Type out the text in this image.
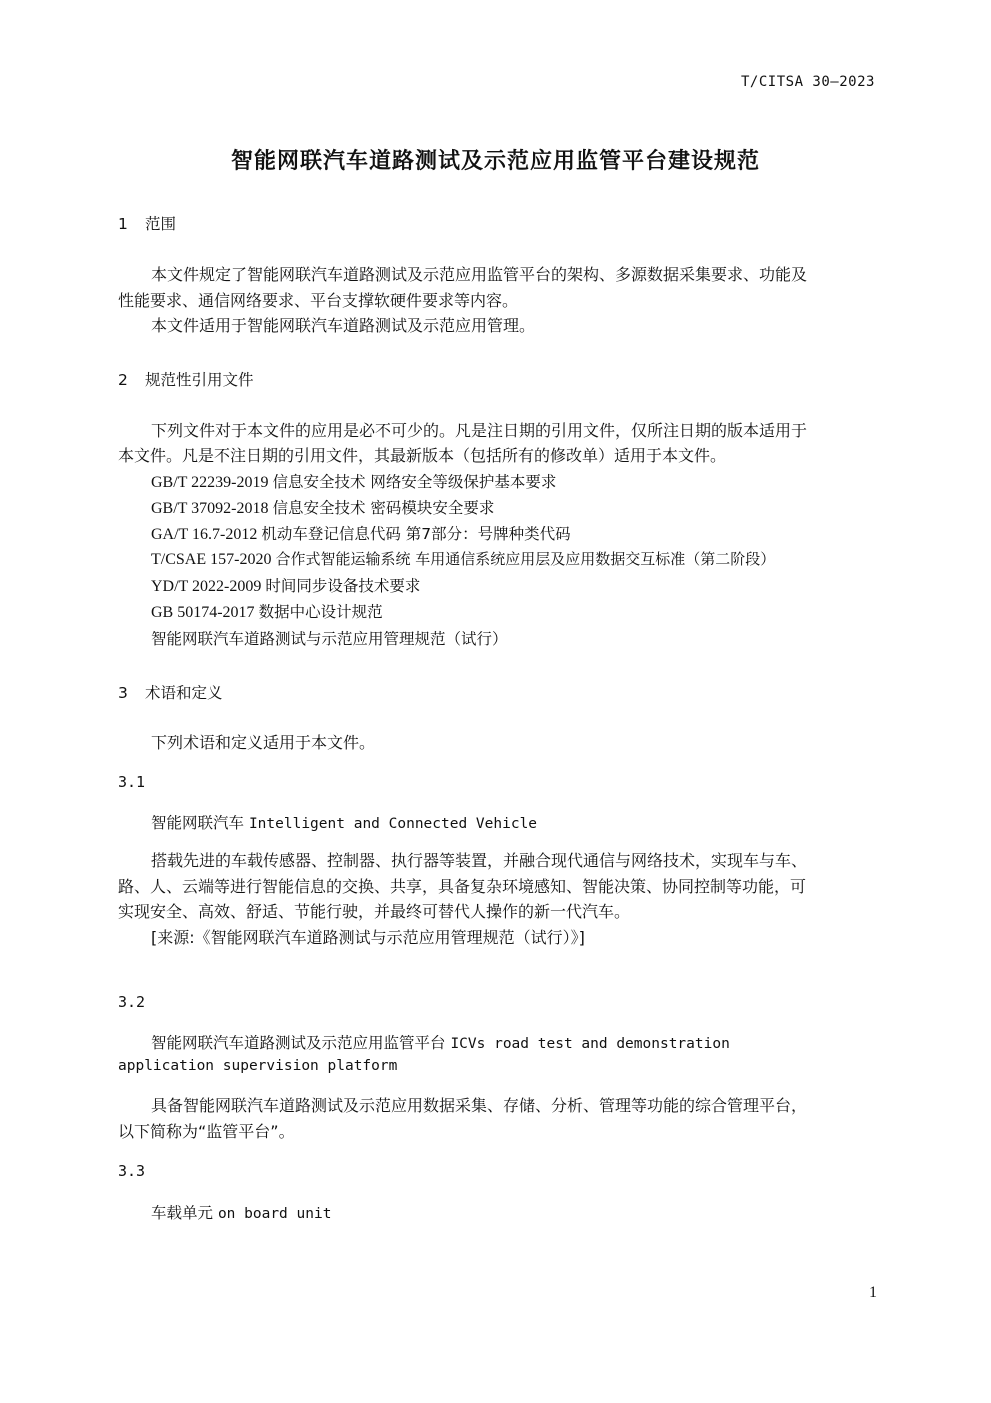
T/CITSA 30—2023
智能网联汽车道路测试及示范应用监管平台建设规范
1 范围
本文件规定了智能网联汽车道路测试及示范应用监管平台的架构、多源数据采集要求、功能及
性能要求、通信网络要求、平台支撑软硬件要求等内容。
本文件适用于智能网联汽车道路测试及示范应用管理。
2 规范性引用文件
下列文件对于本文件的应用是必不可少的。凡是注日期的引用文件，仅所注日期的版本适用于
本文件。凡是不注日期的引用文件，其最新版本（包括所有的修改单）适用于本文件。
GB/T 22239-2019 信息安全技术 网络安全等级保护基本要求
GB/T 37092-2018 信息安全技术 密码模块安全要求
GA/T 16.7-2012 机动车登记信息代码 第7部分：号牌种类代码
T/CSAE 157-2020 合作式智能运输系统 车用通信系统应用层及应用数据交互标准（第二阶段）
YD/T 2022-2009 时间同步设备技术要求
GB 50174-2017 数据中心设计规范
智能网联汽车道路测试与示范应用管理规范（试行）
3 术语和定义
下列术语和定义适用于本文件。
3.1
智能网联汽车 Intelligent and Connected Vehicle
搭载先进的车载传感器、控制器、执行器等装置，并融合现代通信与网络技术，实现车与车、
路、人、云端等进行智能信息的交换、共享，具备复杂环境感知、智能决策、协同控制等功能，可
实现安全、高效、舒适、节能行驶，并最终可替代人操作的新一代汽车。
[来源:《智能网联汽车道路测试与示范应用管理规范（试行）》]
3.2
智能网联汽车道路测试及示范应用监管平台 ICVs road test and demonstration
application supervision platform
具备智能网联汽车道路测试及示范应用数据采集、存储、分析、管理等功能的综合管理平台，
以下简称为“监管平台”。
3.3
车载单元 on board unit
1
